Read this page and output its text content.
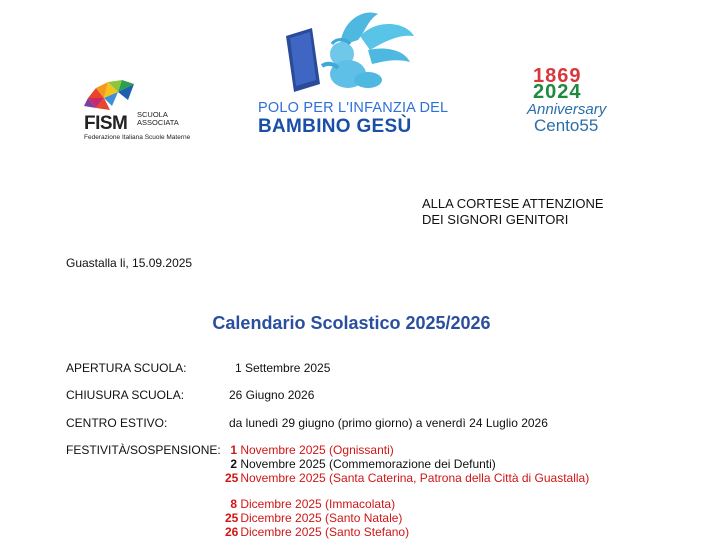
FISM SCUOLA
ASSOCIATA
Federazione Italiana Scuole Materne
POLO PER L'INFANZIA DEL
BAMBINO GESÙ
1869
2024
Anniversary
Cento55
ALLA CORTESE ATTENZIONE
DEI SIGNORI GENITORI
Guastalla li, 15.09.2025
Calendario Scolastico 2025/2026
APERTURA SCUOLA:	1 Settembre 2025
CHIUSURA SCUOLA:	26 Giugno 2026
CENTRO ESTIVO:	da lunedì 29 giugno (primo giorno) a venerdì 24 Luglio 2026
FESTIVITÀ/SOSPENSIONE: 1 Novembre 2025 (Ognissanti)
2 Novembre 2025 (Commemorazione dei Defunti)
25 Novembre 2025 (Santa Caterina, Patrona della Città di Guastalla)
8 Dicembre 2025 (Immacolata)
25 Dicembre 2025 (Santo Natale)
26 Dicembre 2025 (Santo Stefano)
